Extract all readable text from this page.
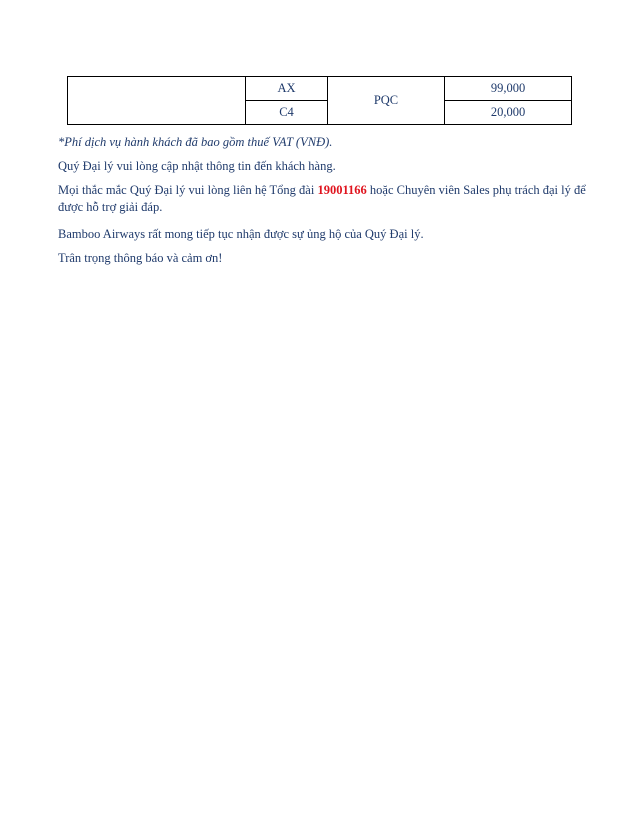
	AX	PQC	99,000
	C4		20,000

*Phí dịch vụ hành khách đã bao gồm thuế VAT (VNĐ).

Quý Đại lý vui lòng cập nhật thông tin đến khách hàng.

Mọi thắc mắc Quý Đại lý vui lòng liên hệ Tổng đài 19001166 hoặc Chuyên viên Sales phụ trách đại lý để được hỗ trợ giải đáp.

Bamboo Airways rất mong tiếp tục nhận được sự ủng hộ của Quý Đại lý.

Trân trọng thông báo và cảm ơn!
